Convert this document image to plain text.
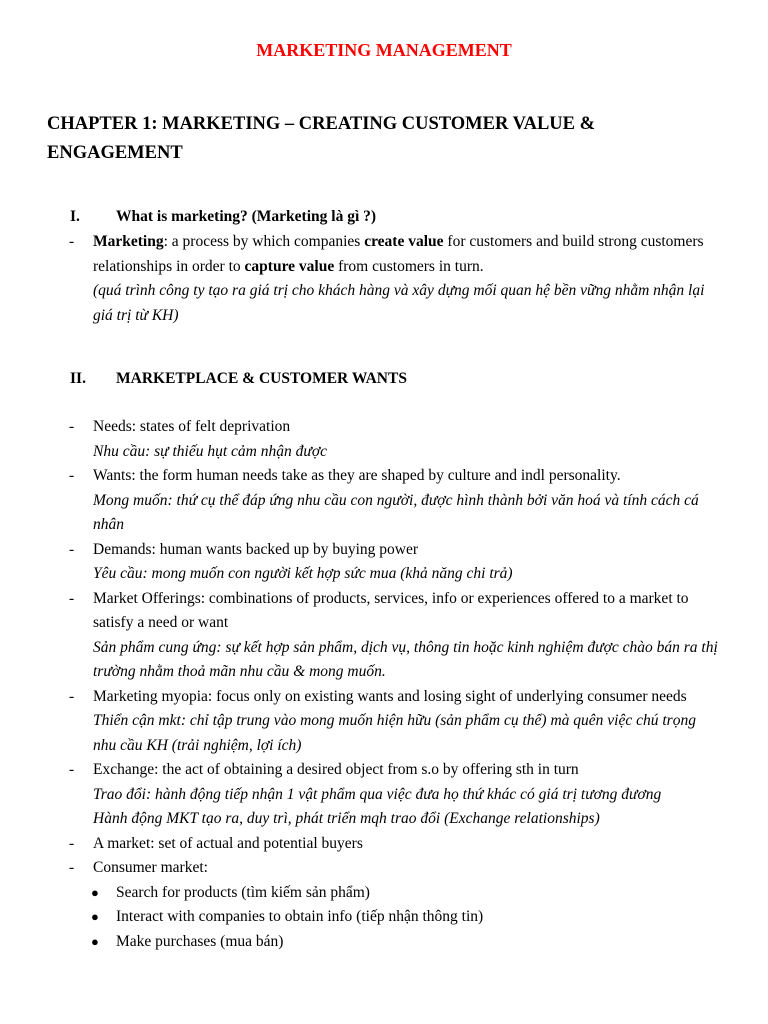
MARKETING MANAGEMENT
CHAPTER 1: MARKETING – CREATING CUSTOMER VALUE & ENGAGEMENT
I. What is marketing? (Marketing là gì ?)
- Marketing: a process by which companies create value for customers and build strong customers relationships in order to capture value from customers in turn.
(quá trình công ty tạo ra giá trị cho khách hàng và xây dựng mối quan hệ bền vững nhằm nhận lại giá trị từ KH)
II. MARKETPLACE & CUSTOMER WANTS
- Needs: states of felt deprivation
Nhu cầu: sự thiếu hụt cảm nhận được
- Wants: the form human needs take as they are shaped by culture and indl personality.
Mong muốn: thứ cụ thể đáp ứng nhu cầu con người, được hình thành bởi văn hoá và tính cách cá nhân
- Demands: human wants backed up by buying power
Yêu cầu: mong muốn con người kết hợp sức mua (khả năng chi trả)
- Market Offerings: combinations of products, services, info or experiences offered to a market to satisfy a need or want
Sản phẩm cung ứng: sự kết hợp sản phẩm, dịch vụ, thông tin hoặc kinh nghiệm được chào bán ra thị trường nhằm thoả mãn nhu cầu & mong muốn.
- Marketing myopia: focus only on existing wants and losing sight of underlying consumer needs
Thiển cận mkt: chỉ tập trung vào mong muốn hiện hữu (sản phẩm cụ thể) mà quên việc chú trọng nhu cầu KH (trải nghiệm, lợi ích)
- Exchange: the act of obtaining a desired object from s.o by offering sth in turn
Trao đổi: hành động tiếp nhận 1 vật phẩm qua việc đưa họ thứ khác có giá trị tương đương
Hành động MKT tạo ra, duy trì, phát triển mqh trao đổi (Exchange relationships)
- A market: set of actual and potential buyers
- Consumer market:
● Search for products (tìm kiếm sản phẩm)
● Interact with companies to obtain info (tiếp nhận thông tin)
● Make purchases (mua bán)
